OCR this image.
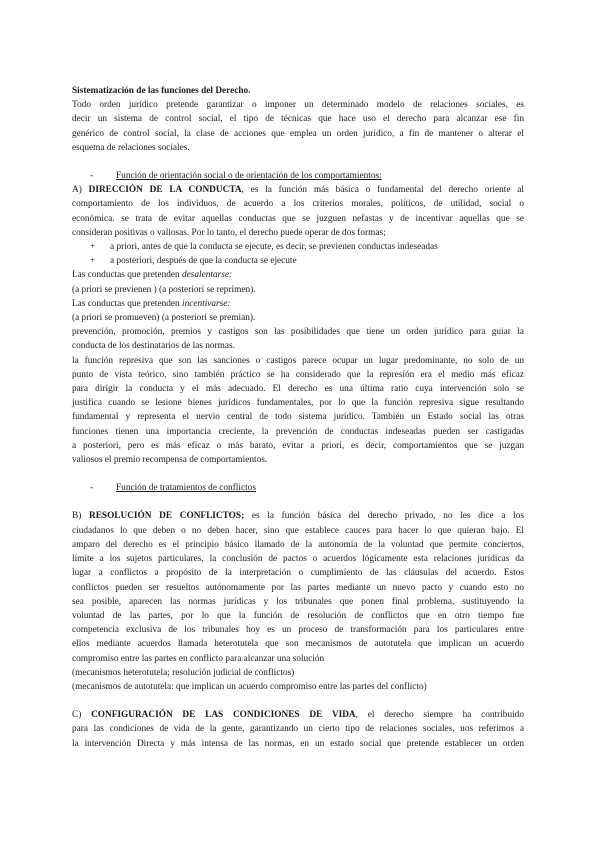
Sistematización de las funciones del Derecho.
Todo orden jurídico pretende garantizar o imponer un determinado modelo de relaciones sociales, es
decir un sistema de control social, el tipo de técnicas que hace uso el derecho para alcanzar ese fin
genérico de control social, la clase de acciones que emplea un orden jurídico, a fin de mantener o alterar el
esquema de relaciones sociales.
- Función de orientación social o de orientación de los comportamientos:
A) DIRECCIÓN DE LA CONDUCTA, es la función más básica o fundamental del derecho oriente al
comportamiento de los individuos, de acuerdo a los criterios morales, políticos, de utilidad, social o
económica. se trata de evitar aquellas conductas que se juzguen nefastas y de incentivar aquellas que se
consideran positivas o valiosas. Por lo tanto, el derecho puede operar de dos formas;
+ a priori, antes de que la conducta se ejecute, es decir, se previenen conductas indeseadas
+ a posteriori, después de que la conducta se ejecute
Las conductas que pretenden desalentarse:
(a priori se previenen ) (a posteriori se reprimen).
Las conductas que pretenden incentivarse:
(a priori se promueven) (a posteriori se premian).
prevención, promoción, premios y castigos son las posibilidades que tiene un orden jurídico para guiar la
conducta de los destinatarios de las normas.
la función represiva que son las sanciones o castigos parece ocupar un lugar predominante, no solo de un
punto de vista teórico, sino también práctico se ha considerado que la represión era el medio más eficaz
para dirigir la conducta y el más adecuado. El derecho es una última ratio cuya intervención solo se
justifica cuando se lesione bienes jurídicos fundamentales, por lo que la función represiva sigue resultando
fundamental y representa el nervio central de todo sistema jurídico. También un Estado social las otras
funciones tienen una importancia creciente, la prevención de conductas indeseadas pueden ser castigadas
a posteriori, pero es más eficaz o más barato, evitar a priori, es decir, comportamientos que se juzgan
valiosos el premio recompensa de comportamientos.
- Función de tratamientos de conflictos
B) RESOLUCIÓN DE CONFLICTOS; es la función básica del derecho privado, no les dice a los
ciudadanos lo que deben o no deben hacer, sino que establece cauces para hacer lo que quieran bajo. El
amparo del derecho es el principio básico llamado de la autonomía de la voluntad que permite conciertos,
límite a los sujetos particulares, la conclusión de pactos o acuerdos lógicamente esta relaciones jurídicas da
lugar a conflictos a propósito de la interpretación o cumplimiento de las cláusulas del acuerdo. Estos
conflictos pueden ser resueltos autónomamente por las partes mediante un nuevo pacto y cuando esto no
sea posible, aparecen las normas jurídicas y los tribunales que ponen final problema, sustituyendo la
voluntad de las partes, por lo que la función de resolución de conflictos que en otro tiempo fue
competencia exclusiva de los tribunales hoy es un proceso de transformación para los particulares entre
ellos mediante acuerdos llamada heterotutela que son mecanismos de autotutela que implican un acuerdo
compromiso entre las partes en conflicto para alcanzar una solución
(mecanismos heterotutela; resolución judicial de conflictos)
(mecanismos de autotutela: que implican un acuerdo compromiso entre las partes del conflicto)
C) CONFIGURACIÓN DE LAS CONDICIONES DE VIDA, el derecho siempre ha contribuido
para las condiciones de vida de la gente, garantizando un cierto tipo de relaciones sociales, nos referimos a
la intervención Directa y más intensa de las normas, en un estado social que pretende establecer un orden
